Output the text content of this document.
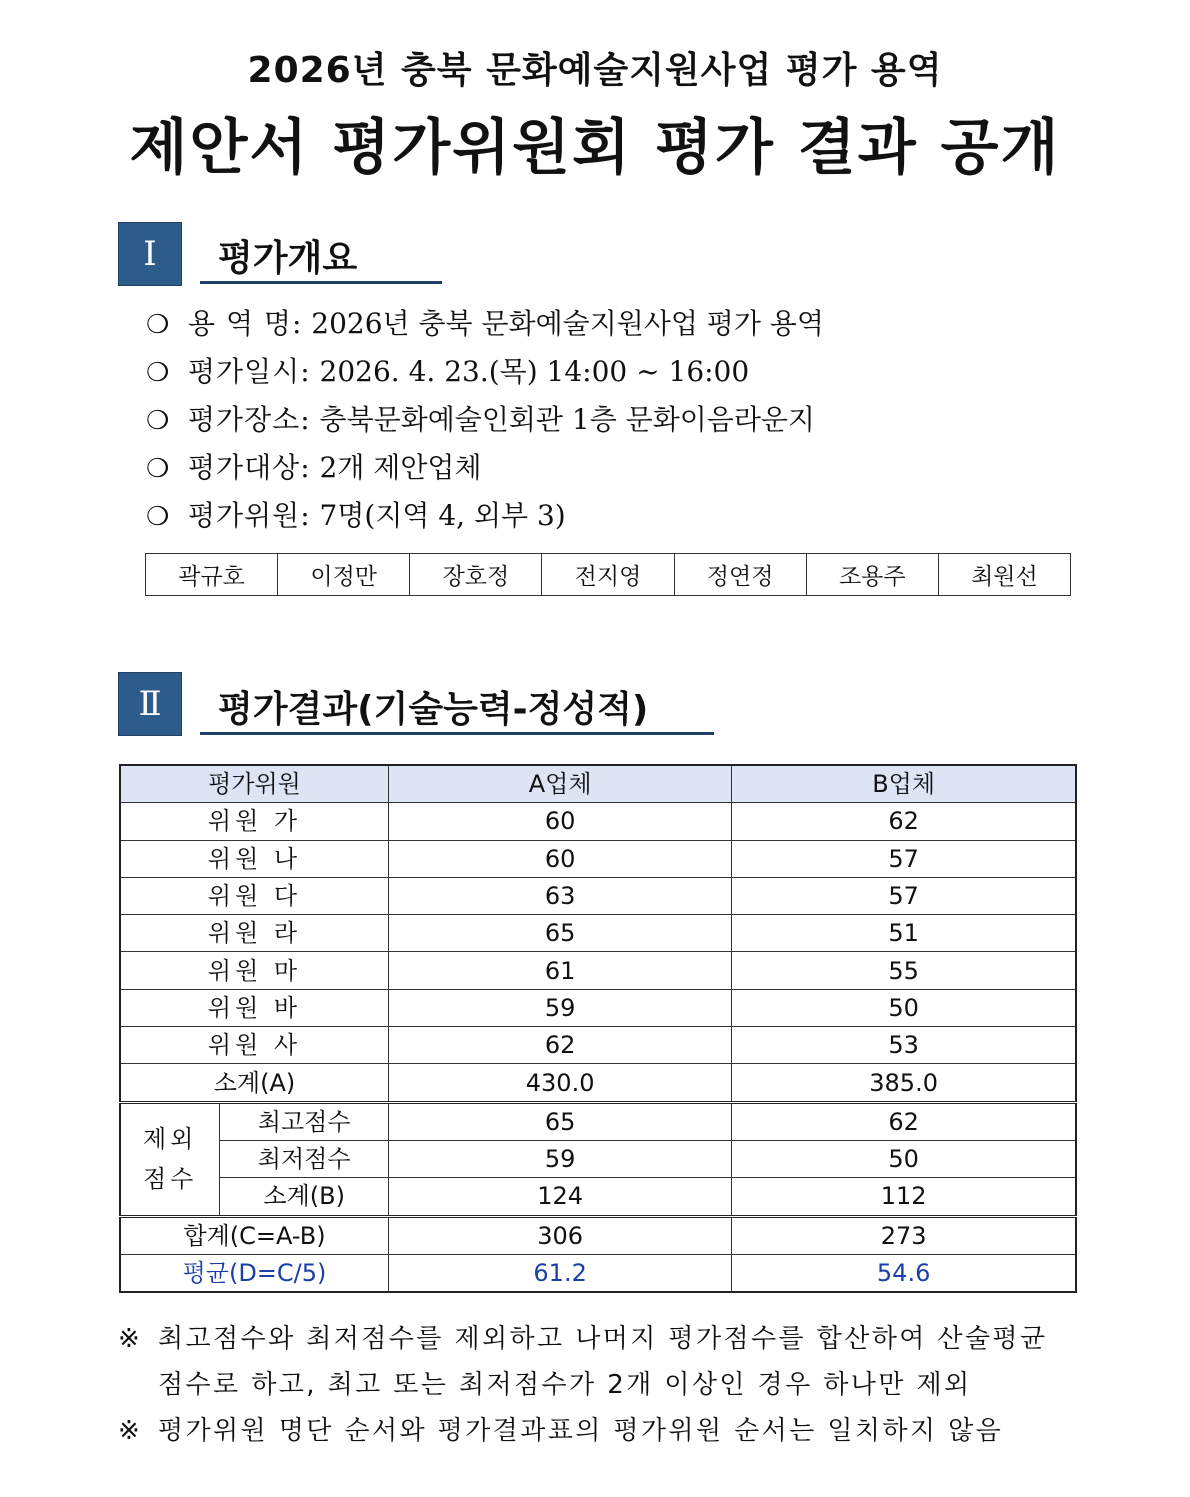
2026년 충북 문화예술지원사업 평가 용역
제안서 평가위원회 평가 결과 공개
Ⅰ	평가개요
❍ 용 역 명: 2026년 충북 문화예술지원사업 평가 용역
❍ 평가일시: 2026. 4. 23.(목) 14:00 ~ 16:00
❍ 평가장소: 충북문화예술인회관 1층 문화이음라운지
❍ 평가대상: 2개 제안업체
❍ 평가위원: 7명(지역 4, 외부 3)
곽규호	이정만	장호정	전지영	정연정	조용주	최원선
Ⅱ	평가결과(기술능력-정성적)
평가위원		A업체	B업체
위원 가		60	62
위원 나		60	57
위원 다		63	57
위원 라		65	51
위원 마		61	55
위원 바		59	50
위원 사		62	53
소계(A)		430.0	385.0
제외
점수	최고점수	65	62
	최저점수	59	50
	소계(B)	124	112
합계(C=A-B)		306	273
평균(D=C/5)		61.2	54.6
※ 최고점수와 최저점수를 제외하고 나머지 평가점수를 합산하여 산술평균
점수로 하고, 최고 또는 최저점수가 2개 이상인 경우 하나만 제외
※ 평가위원 명단 순서와 평가결과표의 평가위원 순서는 일치하지 않음
